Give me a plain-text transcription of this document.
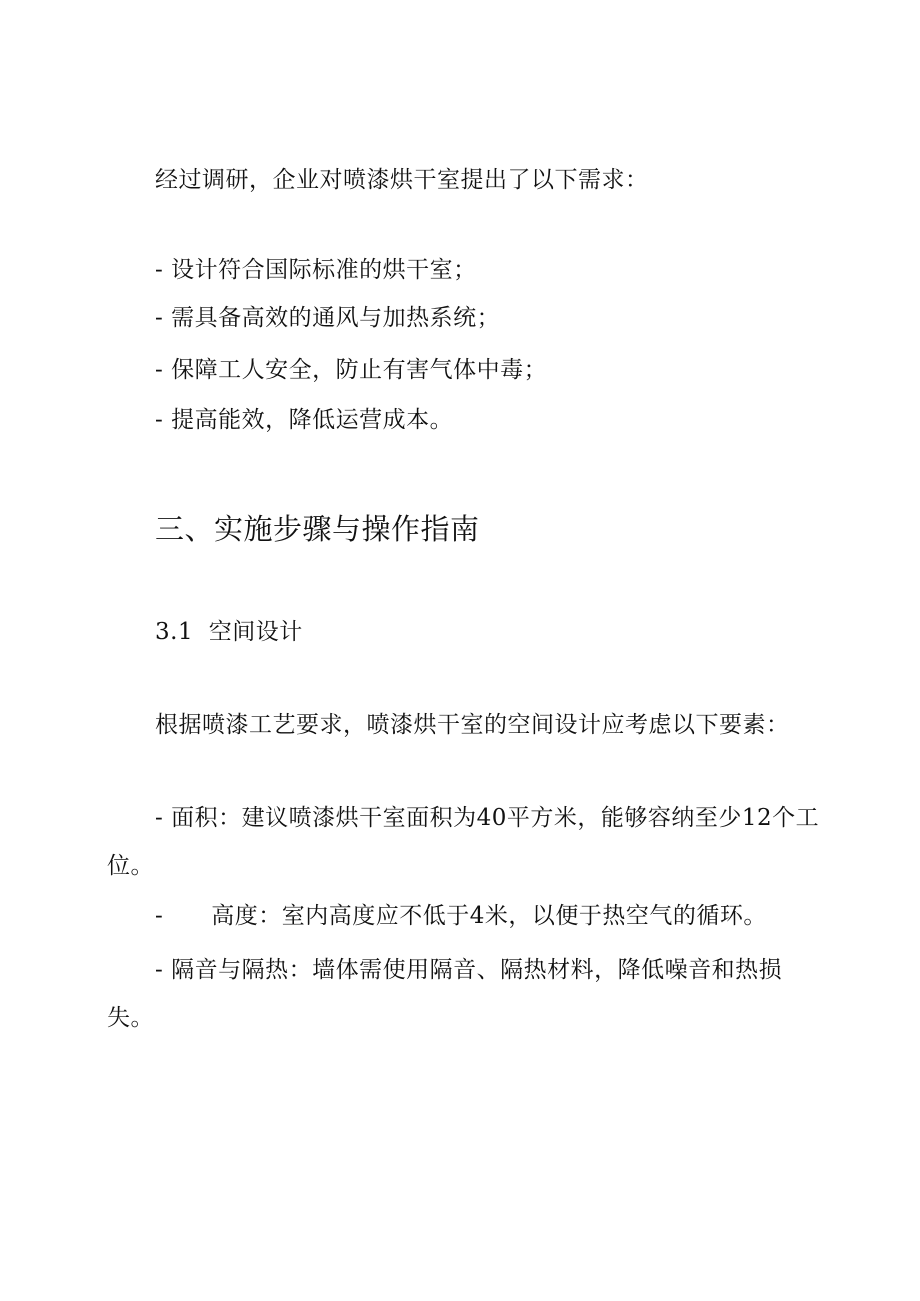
经过调研，企业对喷漆烘干室提出了以下需求：
- 设计符合国际标准的烘干室；
- 需具备高效的通风与加热系统；
- 保障工人安全，防止有害气体中毒；
- 提高能效，降低运营成本。
三、实施步骤与操作指南
3.1  空间设计
根据喷漆工艺要求，喷漆烘干室的空间设计应考虑以下要素：
- 面积：建议喷漆烘干室面积为40平方米，能够容纳至少12个工
位。
- 高度：室内高度应不低于4米，以便于热空气的循环。
- 隔音与隔热：墙体需使用隔音、隔热材料，降低噪音和热损
失。
